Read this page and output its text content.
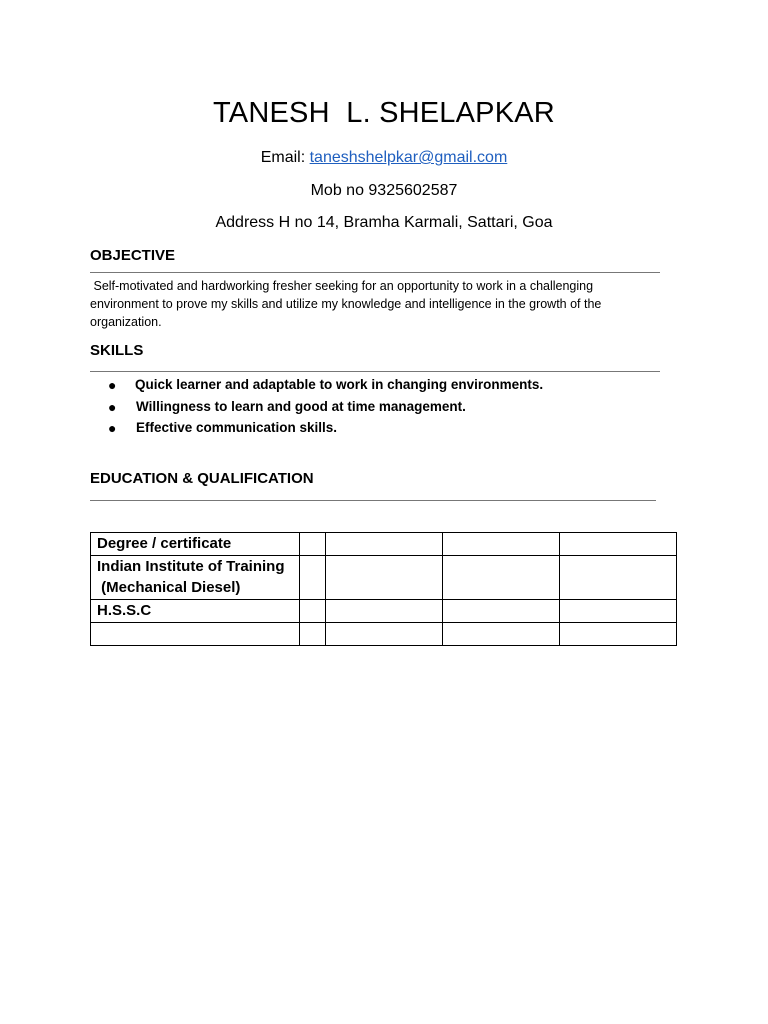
TANESH  L. SHELAPKAR
Email: taneshshelpkar@gmail.com
Mob no 9325602587
Address H no 14, Bramha Karmali, Sattari, Goa
OBJECTIVE
Self-motivated and hardworking fresher seeking for an opportunity to work in a challenging environment to prove my skills and utilize my knowledge and intelligence in the growth of the organization.
SKILLS
● Quick learner and adaptable to work in changing environments.
● Willingness to learn and good at time management.
● Effective communication skills.
EDUCATION & QUALIFICATION
Degree / certificate				

Indian Institute of Training
(Mechanical Diesel)				

H.S.S.C				
